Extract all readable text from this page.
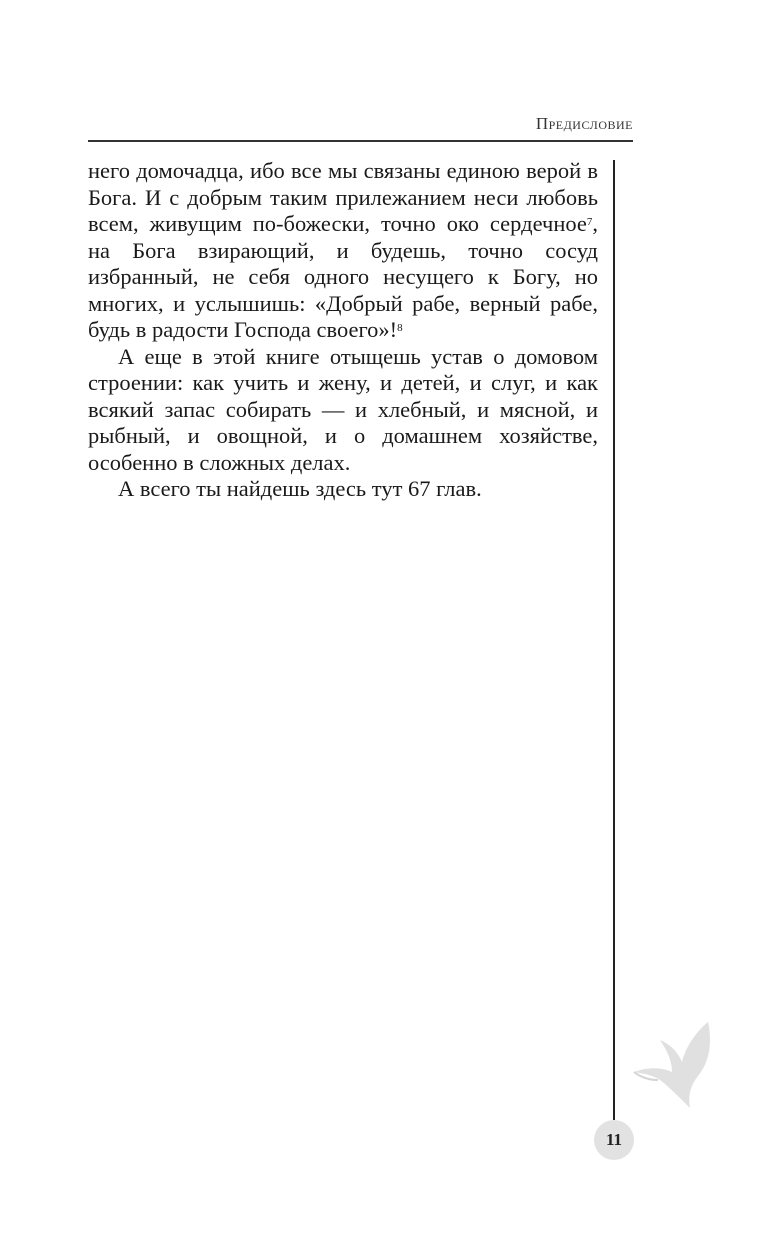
Предисловие

него домочадца, ибо все мы связаны единою верой в Бога. И с добрым таким прилежанием неси любовь всем, живущим по-божески, точно око сердечное$^7$, на Бога взирающий, и будешь, точно сосуд избранный, не себя одного несущего к Богу, но многих, и услышишь: «Добрый рабе, верный рабе, будь в радости Господа своего»!$^8$

А еще в этой книге отыщешь устав о домовом строении: как учить и жену, и детей, и слуг, и как всякий запас собирать — и хлебный, и мясной, и рыбный, и овощной, и о домашнем хозяйстве, особенно в сложных делах.

А всего ты найдешь здесь тут 67 глав.

11
